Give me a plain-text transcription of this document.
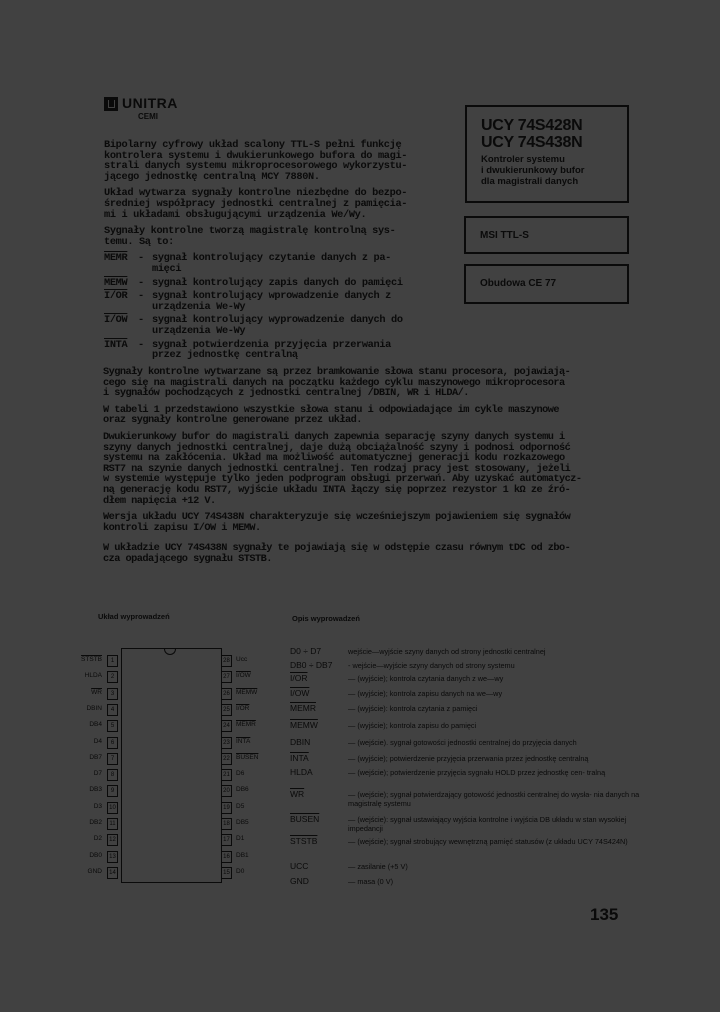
UNITRA
CEMI
UCY 74S428N
UCY 74S438N
Kontroler systemu
i dwukierunkowy bufor
dla magistrali danych
MSI TTL-S
Obudowa CE 77
Bipolarny cyfrowy układ scalony TTL-S pełni funkcję
kontrolera systemu i dwukierunkowego bufora do magi-
strali danych systemu mikroprocesorowego wykorzystu-
jącego jednostkę centralną MCY 7880N.
Układ wytwarza sygnały kontrolne niezbędne do bezpo-
średniej współpracy jednostki centralnej z pamięcia-
mi i układami obsługującymi urządzenia We/Wy.
Sygnały kontrolne tworzą magistralę kontrolną sys-
temu. Są to:
MEMR	- sygnał kontrolujący czytanie danych z pa-
mięci
MEMW	- sygnał kontrolujący zapis danych do pamięci
I/OR	- sygnał kontrolujący wprowadzenie danych z
urządzenia We-Wy
I/OW	- sygnał kontrolujący wyprowadzenie danych do
urządzenia We-Wy
INTA	- sygnał potwierdzenia przyjęcia przerwania
przez jednostkę centralną
Sygnały kontrolne wytwarzane są przez bramkowanie słowa stanu procesora, pojawiają-
cego się na magistrali danych na początku każdego cyklu maszynowego mikroprocesora
i sygnałów pochodzących z jednostki centralnej /DBIN, WR i HLDA/.
W tabeli 1 przedstawiono wszystkie słowa stanu i odpowiadające im cykle maszynowe
oraz sygnały kontrolne generowane przez układ.
Dwukierunkowy bufor do magistrali danych zapewnia separację szyny danych systemu i
szyny danych jednostki centralnej, daje dużą obciążalność szyny i podnosi odporność
systemu na zakłócenia. Układ ma możliwość automatycznej generacji kodu rozkazowego
RST7 na szynie danych jednostki centralnej. Ten rodzaj pracy jest stosowany, jeżeli
w systemie występuje tylko jeden podprogram obsługi przerwań. Aby uzyskać automatycz-
ną generację kodu RST7, wyjście układu INTA łączy się poprzez rezystor 1 kΩ ze źró-
dłem napięcia +12 V.
Wersja układu UCY 74S438N charakteryzuje się wcześniejszym pojawieniem się sygnałów
kontroli zapisu I/OW i MEMW.
W układzie UCY 74S438N sygnały te pojawiają się w odstępie czasu równym tDC od zbo-
cza opadającego sygnału STSTB.
Układ wyprowadzeń
1
STSTB
2
HLDA
3
$\overline{WR}$
4
DBIN
5
DB4
6
D4
7
DB7
8
D7
9
DB3
10
D3
11
DB2
12
D2
13
DB0
14
GND
28 Ucc
27 I/OW
26 MEMW
25 I/OR
24 MEMR
23 INTA
22 BUSEN
21 D6
20 DB6
19 D5
18 DB5
17 D1
16 DB1
15 D0
Opis wyprowadzeń
D0 ÷ D7	wejście—wyjście szyny danych od strony jednostki centralnej
DB0 ÷ DB7	- wejście—wyjście szyny danych od strony systemu
I/OR	— (wyjście); kontrola czytania danych z we—wy
I/OW	— (wyjście); kontrola zapisu danych na we—wy
MEMR	— (wyjście): kontrola czytania z pamięci
MEMW	— (wyjście); kontrola zapisu do pamięci
DBIN	— (wejście). sygnał gotowości jednostki centralnej do przyjęcia danych
INTA	— (wyjście); potwierdzenie przyjęcia przerwania przez jednostkę centralną
HLDA	— (wejście); potwierdzenie przyjęcia sygnału HOLD przez jednostkę cen- tralną
$\overline{WR}$	— (wejście); sygnał potwierdzający gotowość jednostki centralnej do wysła- nia danych na magistralę systemu
BUSEN	— (wejście): sygnał ustawiający wyjścia kontrolne i wyjścia DB układu w stan wysokiej impedancji
STSTB	— (wejście); sygnał strobujący wewnętrzną pamięć statusów (z układu UCY 74S424N)
UCC	— zasilanie (+5 V)
GND	— masa (0 V)
135
